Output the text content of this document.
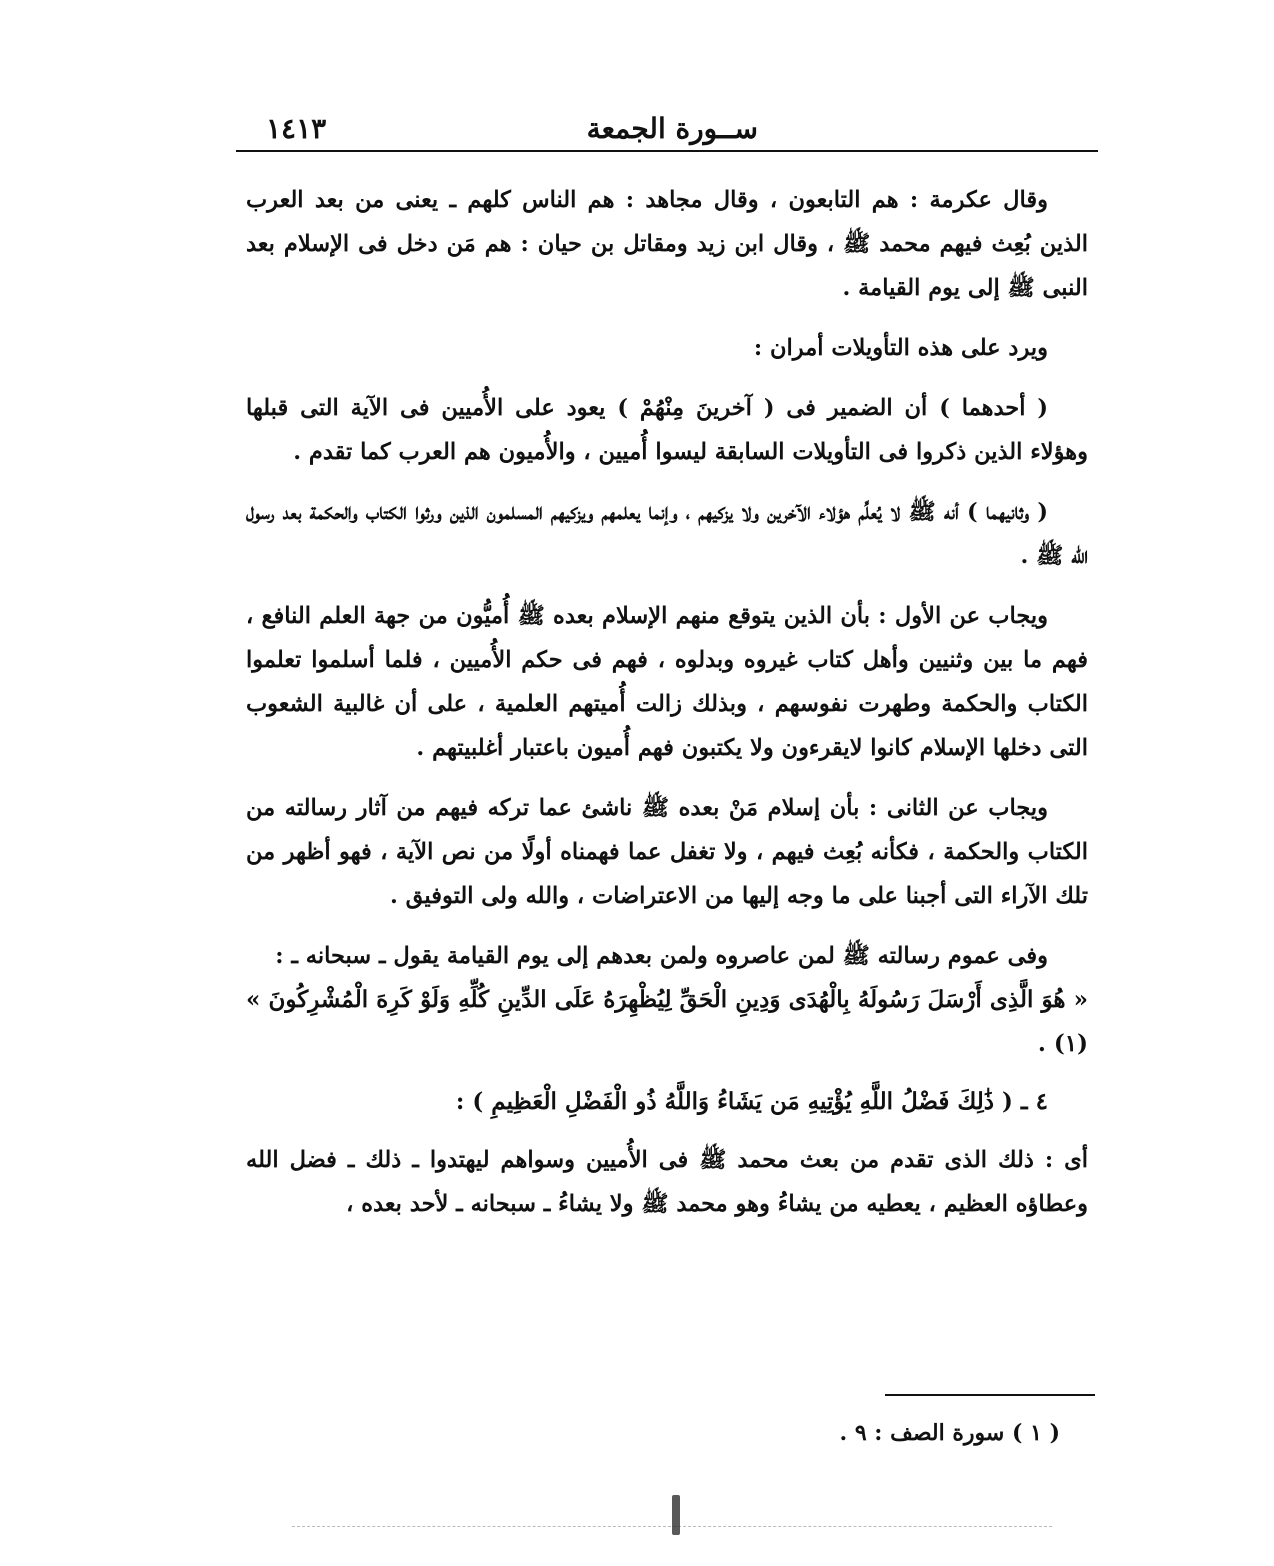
ســورة الجمعة
١٤١٣

وقال عكرمة : هم التابعون ، وقال مجاهد : هم الناس كلهم ـ يعنى من بعد العرب الذين بُعِث فيهم محمد ﷺ ، وقال ابن زيد ومقاتل بن حيان : هم مَن دخل فى الإسلام بعد النبى ﷺ إلى يوم القيامة .

ويرد على هذه التأويلات أمران :

( أحدهما ) أن الضمير فى ( آخرينَ مِنْهُمْ ) يعود على الأُميين فى الآية التى قبلها وهؤلاء الذين ذكروا فى التأويلات السابقة ليسوا أُميين ، والأُميون هم العرب كما تقدم .

( وثانيهما ) أنه ﷺ لا يُعلِّم هؤلاء الآخرين ولا يزكيهم ، وإنما يعلمهم ويزكيهم المسلمون الذين ورثوا الكتاب والحكمة بعد رسول الله ﷺ .

ويجاب عن الأول : بأن الذين يتوقع منهم الإسلام بعده ﷺ أُميُّون من جهة العلم النافع ، فهم ما بين وثنيين وأهل كتاب غيروه وبدلوه ، فهم فى حكم الأُميين ، فلما أسلموا تعلموا الكتاب والحكمة وطهرت نفوسهم ، وبذلك زالت أُميتهم العلمية ، على أن غالبية الشعوب التى دخلها الإسلام كانوا لايقرءون ولا يكتبون فهم أُميون باعتبار أغلبيتهم .

ويجاب عن الثانى : بأن إسلام مَنْ بعده ﷺ ناشئ عما تركه فيهم من آثار رسالته من الكتاب والحكمة ، فكأنه بُعِث فيهم ، ولا تغفل عما فهمناه أولًا من نص الآية ، فهو أظهر من تلك الآراء التى أجبنا على ما وجه إليها من الاعتراضات ، والله ولى التوفيق .

وفى عموم رسالته ﷺ لمن عاصروه ولمن بعدهم إلى يوم القيامة يقول ـ سبحانه ـ :

« هُوَ الَّذِى أَرْسَلَ رَسُولَهُ بِالْهُدَى وَدِينِ الْحَقِّ لِيُظْهِرَهُ عَلَى الدِّينِ كُلِّهِ وَلَوْ كَرِهَ الْمُشْرِكُونَ » (١) .

٤ ـ ( ذَٰلِكَ فَضْلُ اللَّهِ يُؤْتِيهِ مَن يَشَاءُ وَاللَّهُ ذُو الْفَضْلِ الْعَظِيمِ ) :

أى : ذلك الذى تقدم من بعث محمد ﷺ فى الأُميين وسواهم ليهتدوا ـ ذلك ـ فضل الله وعطاؤه العظيم ، يعطيه من يشاءُ وهو محمد ﷺ ولا يشاءُ ـ سبحانه ـ لأحد بعده ،

( ١ ) سورة الصف : ٩ .
